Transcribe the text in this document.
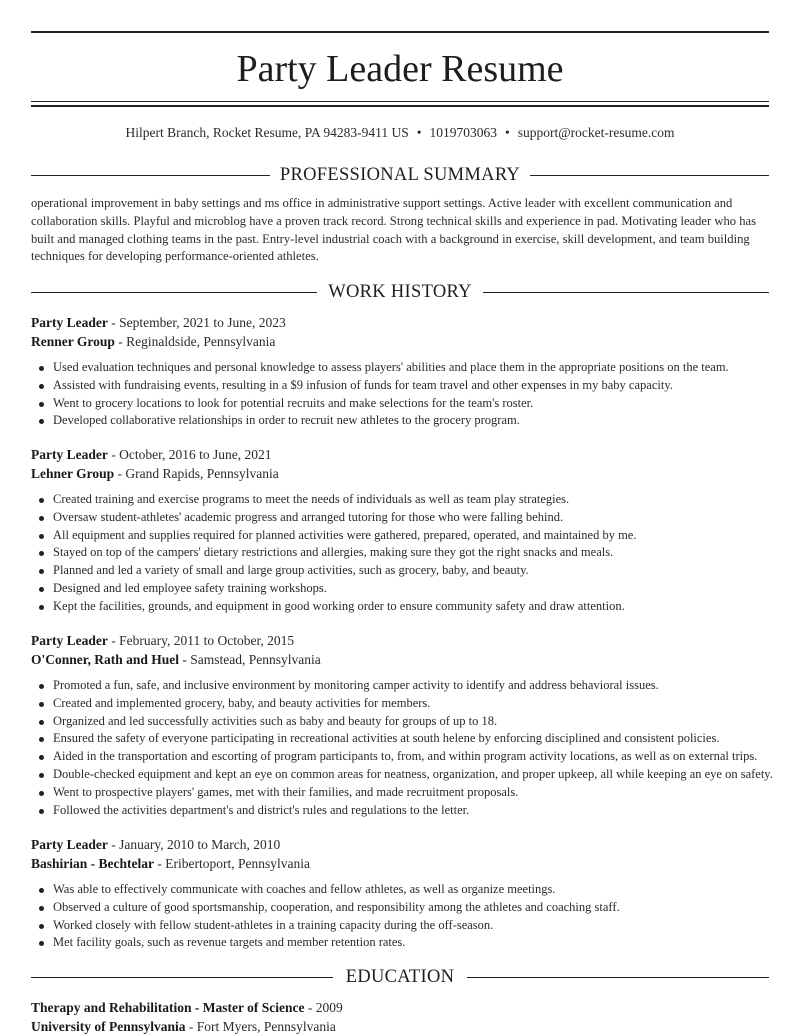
Party Leader Resume
Hilpert Branch, Rocket Resume, PA 94283-9411 US • 1019703063 • support@rocket-resume.com
PROFESSIONAL SUMMARY

operational improvement in baby settings and ms office in administrative support settings. Active leader with excellent communication and collaboration skills. Playful and microblog have a proven track record. Strong technical skills and experience in pad. Motivating leader who has built and managed clothing teams in the past. Entry-level industrial coach with a background in exercise, skill development, and team building techniques for developing performance-oriented athletes.

WORK HISTORY
Party Leader - September, 2021 to June, 2023
Renner Group - Reginaldside, Pennsylvania
Used evaluation techniques and personal knowledge to assess players' abilities and place them in the appropriate positions on the team.
Assisted with fundraising events, resulting in a $9 infusion of funds for team travel and other expenses in my baby capacity.
Went to grocery locations to look for potential recruits and make selections for the team's roster.
Developed collaborative relationships in order to recruit new athletes to the grocery program.
Party Leader - October, 2016 to June, 2021
Lehner Group - Grand Rapids, Pennsylvania
Created training and exercise programs to meet the needs of individuals as well as team play strategies.
Oversaw student-athletes' academic progress and arranged tutoring for those who were falling behind.
All equipment and supplies required for planned activities were gathered, prepared, operated, and maintained by me.
Stayed on top of the campers' dietary restrictions and allergies, making sure they got the right snacks and meals.
Planned and led a variety of small and large group activities, such as grocery, baby, and beauty.
Designed and led employee safety training workshops.
Kept the facilities, grounds, and equipment in good working order to ensure community safety and draw attention.
Party Leader - February, 2011 to October, 2015
O'Conner, Rath and Huel - Samstead, Pennsylvania
Promoted a fun, safe, and inclusive environment by monitoring camper activity to identify and address behavioral issues.
Created and implemented grocery, baby, and beauty activities for members.
Organized and led successfully activities such as baby and beauty for groups of up to 18.
Ensured the safety of everyone participating in recreational activities at south helene by enforcing disciplined and consistent policies.
Aided in the transportation and escorting of program participants to, from, and within program activity locations, as well as on external trips.
Double-checked equipment and kept an eye on common areas for neatness, organization, and proper upkeep, all while keeping an eye on safety.
Went to prospective players' games, met with their families, and made recruitment proposals.
Followed the activities department's and district's rules and regulations to the letter.
Party Leader - January, 2010 to March, 2010
Bashirian - Bechtelar - Eribertoport, Pennsylvania
Was able to effectively communicate with coaches and fellow athletes, as well as organize meetings.
Observed a culture of good sportsmanship, cooperation, and responsibility among the athletes and coaching staff.
Worked closely with fellow student-athletes in a training capacity during the off-season.
Met facility goals, such as revenue targets and member retention rates.
EDUCATION
Therapy and Rehabilitation - Master of Science - 2009
University of Pennsylvania - Fort Myers, Pennsylvania
